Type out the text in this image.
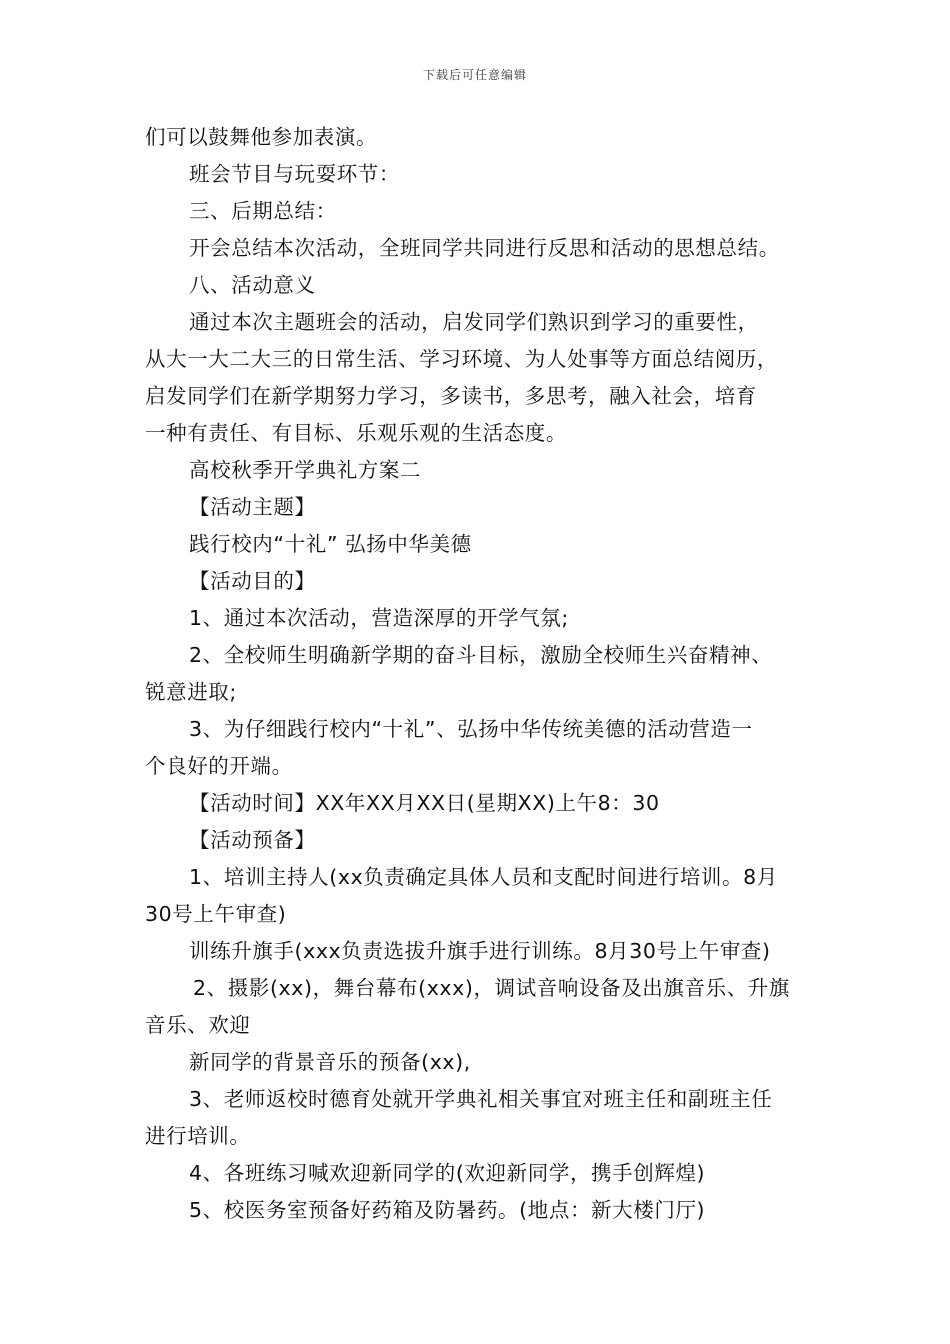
下载后可任意编辑
们可以鼓舞他参加表演。
班会节目与玩耍环节：
三、后期总结：
开会总结本次活动，全班同学共同进行反思和活动的思想总结。
八、活动意义
通过本次主题班会的活动，启发同学们熟识到学习的重要性，
从大一大二大三的日常生活、学习环境、为人处事等方面总结阅历，
启发同学们在新学期努力学习，多读书，多思考，融入社会，培育
一种有责任、有目标、乐观乐观的生活态度。
高校秋季开学典礼方案二
【活动主题】
践行校内“十礼” 弘扬中华美德
【活动目的】
1、通过本次活动，营造深厚的开学气氛;
2、全校师生明确新学期的奋斗目标，激励全校师生兴奋精神、
锐意进取;
3、为仔细践行校内“十礼”、弘扬中华传统美德的活动营造一
个良好的开端。
【活动时间】XX年XX月XX日(星期XX)上午8：30
【活动预备】
1、培训主持人(xx负责确定具体人员和支配时间进行培训。8月
30号上午审查)
训练升旗手(xxx负责选拔升旗手进行训练。8月30号上午审查)
2、摄影(xx)，舞台幕布(xxx)，调试音响设备及出旗音乐、升旗
音乐、欢迎
新同学的背景音乐的预备(xx),
3、老师返校时德育处就开学典礼相关事宜对班主任和副班主任
进行培训。
4、各班练习喊欢迎新同学的(欢迎新同学，携手创辉煌)
5、校医务室预备好药箱及防暑药。(地点：新大楼门厅)
